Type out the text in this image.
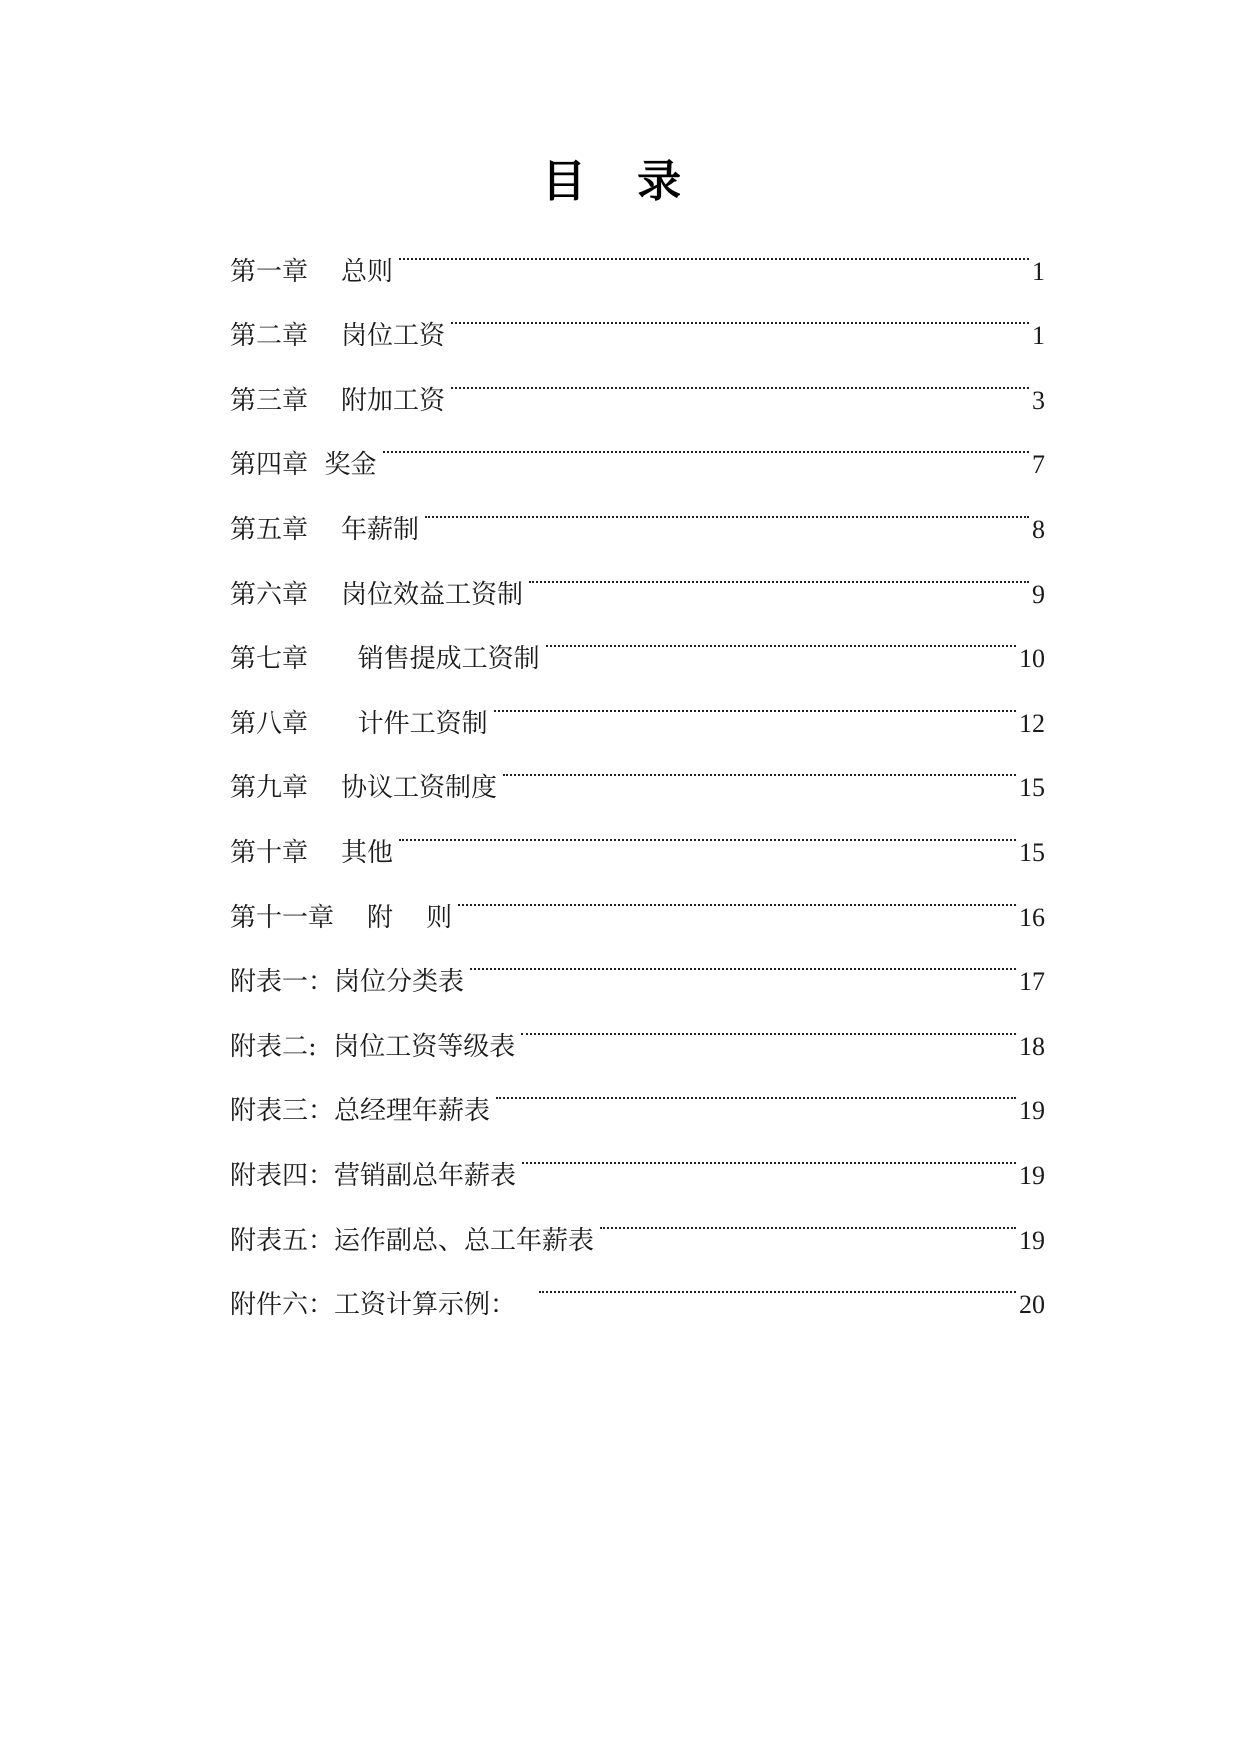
目 录
第一章    总则	1
第二章    岗位工资	1
第三章    附加工资	3
第四章  奖金	7
第五章    年薪制	8
第六章    岗位效益工资制	9
第七章      销售提成工资制	10
第八章      计件工资制	12
第九章    协议工资制度	15
第十章    其他	15
第十一章    附    则	16
附表一：岗位分类表	17
附表二:  岗位工资等级表	18
附表三：总经理年薪表	19
附表四：营销副总年薪表	19
附表五：运作副总、总工年薪表	19
附件六：工资计算示例：	20
